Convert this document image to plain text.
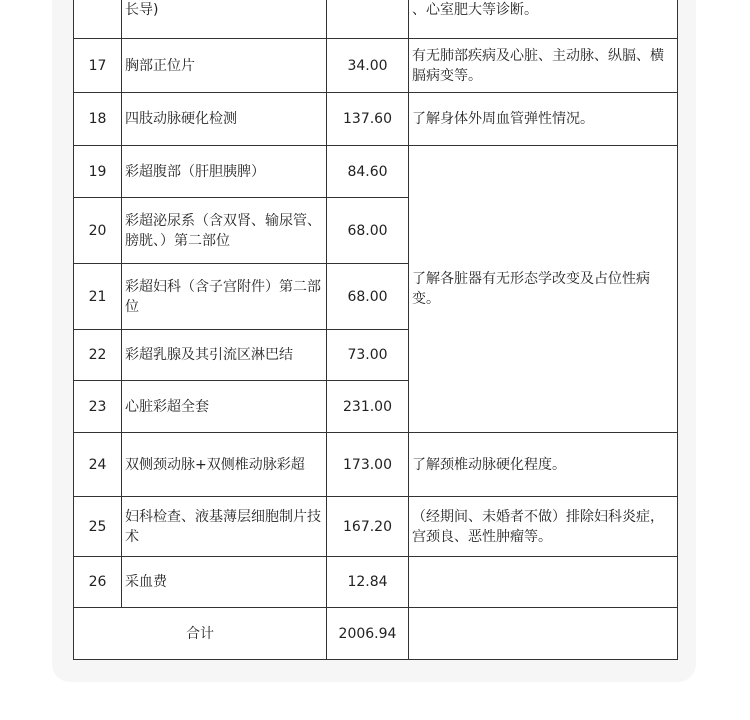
	长导)		、心室肥大等诊断。
17	胸部正位片	34.00	有无肺部疾病及心脏、主动脉、纵膈、横膈病变等。
18	四肢动脉硬化检测	137.60	了解身体外周血管弹性情况。
19	彩超腹部（肝胆胰脾）	84.60	了解各脏器有无形态学改变及占位性病变。
20	彩超泌尿系（含双肾、输尿管、膀胱、）第二部位	68.00	
21	彩超妇科（含子宫附件）第二部位	68.00	
22	彩超乳腺及其引流区淋巴结	73.00	
23	心脏彩超全套	231.00	
24	双侧颈动脉+双侧椎动脉彩超	173.00	了解颈椎动脉硬化程度。
25	妇科检查、液基薄层细胞制片技术	167.20	（经期间、未婚者不做）排除妇科炎症，宫颈良、恶性肿瘤等。
26	采血费	12.84	
合计		2006.94	
